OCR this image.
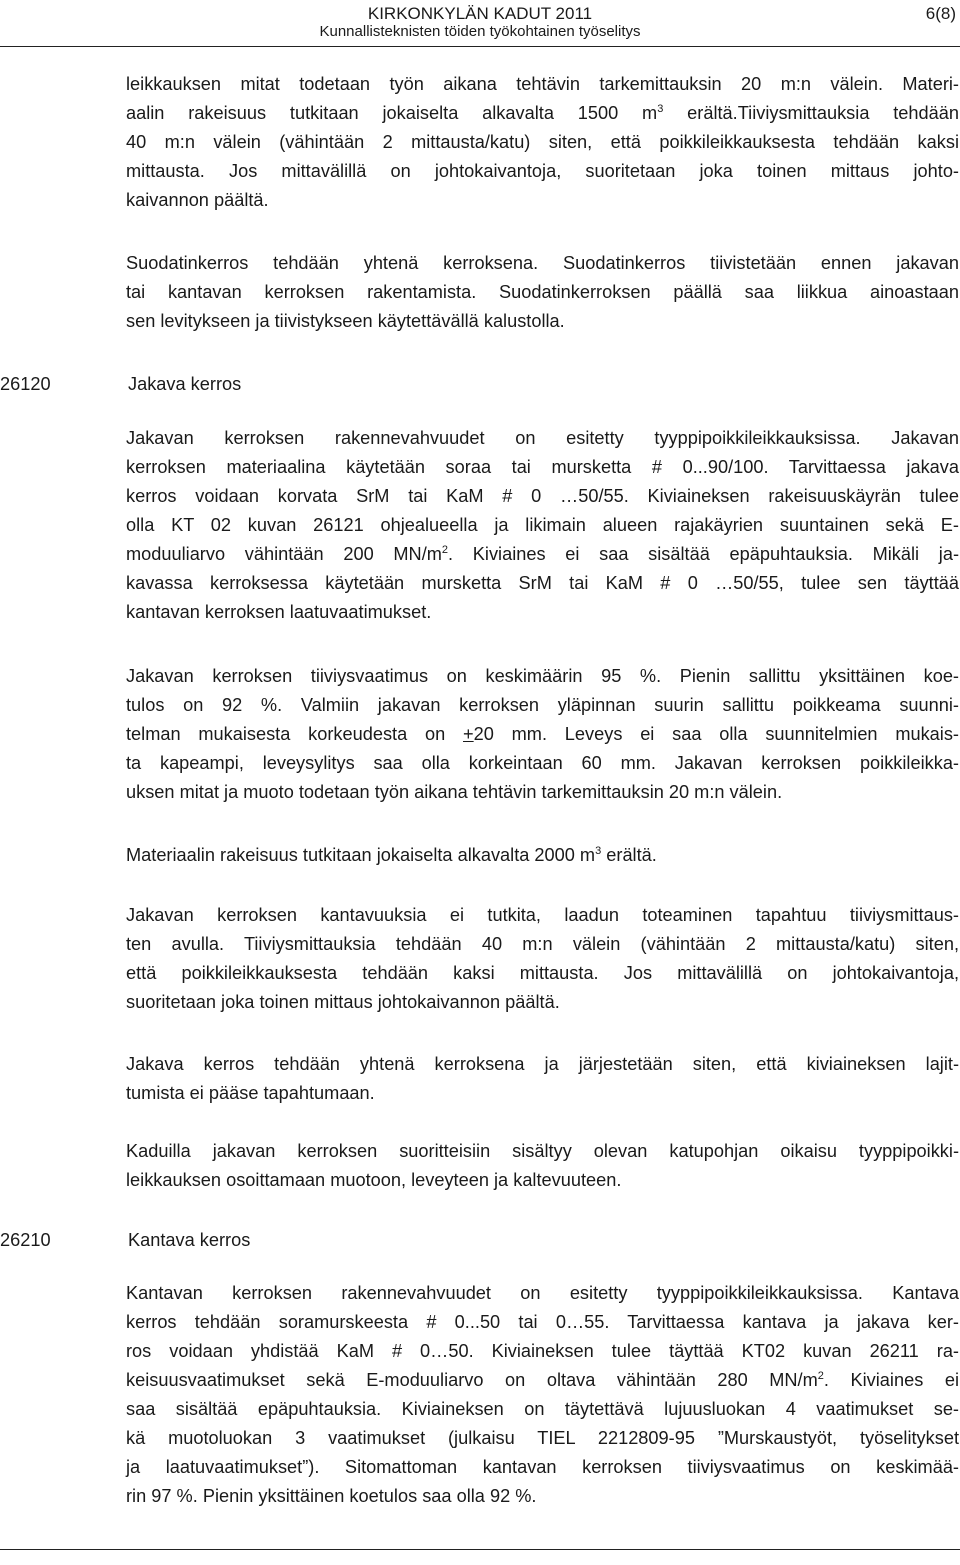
KIRKONKYLÄN KADUT 2011
Kunnallisteknisten töiden työkohtainen työselitys
6(8)
leikkauksen mitat todetaan työn aikana tehtävin tarkemittauksin 20 m:n välein. Materi-
aalin rakeisuus tutkitaan jokaiselta alkavalta 1500 $m^3$ erältä.Tiiviysmittauksia tehdään
40 m:n välein (vähintään 2 mittausta/katu) siten, että poikkileikkauksesta tehdään kaksi
mittausta. Jos mittavälillä on johtokaivantoja, suoritetaan joka toinen mittaus johto-
kaivannon päältä.
Suodatinkerros tehdään yhtenä kerroksena. Suodatinkerros tiivistetään ennen jakavan
tai kantavan kerroksen rakentamista. Suodatinkerroksen päällä saa liikkua ainoastaan
sen levitykseen ja tiivistykseen käytettävällä kalustolla.
26120	Jakava kerros
Jakavan kerroksen rakennevahvuudet on esitetty tyyppipoikkileikkauksissa. Jakavan
kerroksen materiaalina käytetään soraa tai mursketta # 0...90/100. Tarvittaessa jakava
kerros voidaan korvata SrM tai KaM # 0 …50/55. Kiviaineksen rakeisuuskäyrän tulee
olla KT 02 kuvan 26121 ohjealueella ja likimain alueen rajakäyrien suuntainen sekä E-
moduuliarvo vähintään 200 $MN/m^2$. Kiviaines ei saa sisältää epäpuhtauksia. Mikäli ja-
kavassa kerroksessa käytetään mursketta SrM tai KaM # 0 …50/55, tulee sen täyttää
kantavan kerroksen laatuvaatimukset.
Jakavan kerroksen tiiviysvaatimus on keskimäärin 95 %. Pienin sallittu yksittäinen koe-
tulos on 92 %. Valmiin jakavan kerroksen yläpinnan suurin sallittu poikkeama suunni-
telman mukaisesta korkeudesta on +20 mm. Leveys ei saa olla suunnitelmien mukais-
ta kapeampi, leveysylitys saa olla korkeintaan 60 mm. Jakavan kerroksen poikkileikka-
uksen mitat ja muoto todetaan työn aikana tehtävin tarkemittauksin 20 m:n välein.
Materiaalin rakeisuus tutkitaan jokaiselta alkavalta 2000 $m^3$ erältä.
Jakavan kerroksen kantavuuksia ei tutkita, laadun toteaminen tapahtuu tiiviysmittaus-
ten avulla. Tiiviysmittauksia tehdään 40 m:n välein (vähintään 2 mittausta/katu) siten,
että poikkileikkauksesta tehdään kaksi mittausta. Jos mittavälillä on johtokaivantoja,
suoritetaan joka toinen mittaus johtokaivannon päältä.
Jakava kerros tehdään yhtenä kerroksena ja järjestetään siten, että kiviaineksen lajit-
tumista ei pääse tapahtumaan.
Kaduilla jakavan kerroksen suoritteisiin sisältyy olevan katupohjan oikaisu tyyppipoikki-
leikkauksen osoittamaan muotoon, leveyteen ja kaltevuuteen.
26210	Kantava kerros
Kantavan kerroksen rakennevahvuudet on esitetty tyyppipoikkileikkauksissa. Kantava
kerros tehdään soramurskeesta # 0...50 tai 0…55. Tarvittaessa kantava ja jakava ker-
ros voidaan yhdistää KaM # 0…50. Kiviaineksen tulee täyttää KT02 kuvan 26211 ra-
keisuusvaatimukset sekä E-moduuliarvo on oltava vähintään 280 $MN/m^2$. Kiviaines ei
saa sisältää epäpuhtauksia. Kiviaineksen on täytettävä lujuusluokan 4 vaatimukset se-
kä muotoluokan 3 vaatimukset (julkaisu TIEL 2212809-95 ”Murskaustyöt, työselitykset
ja laatuvaatimukset”). Sitomattoman kantavan kerroksen tiiviysvaatimus on keskimää-
rin 97 %. Pienin yksittäinen koetulos saa olla 92 %.
